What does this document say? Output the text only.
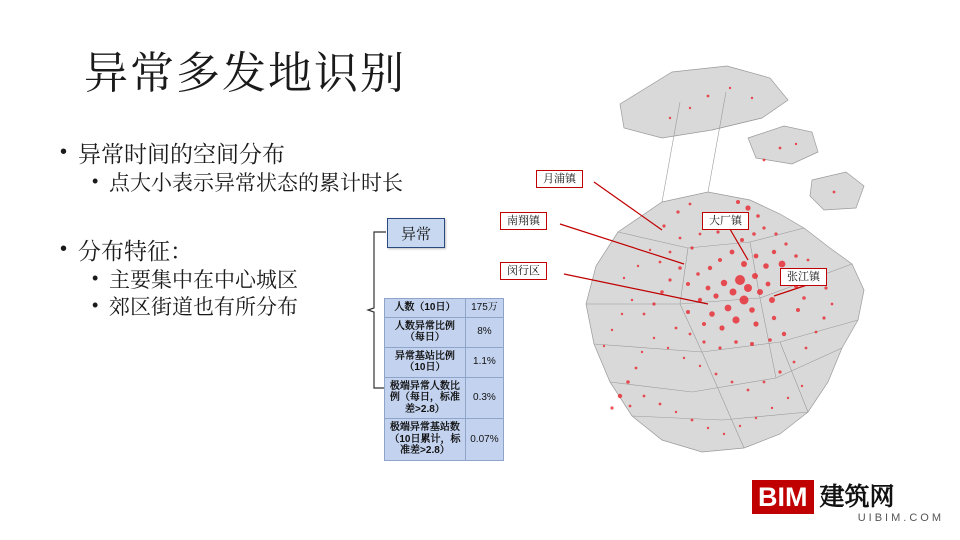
异常多发地识别
• 异常时间的空间分布
• 点大小表示异常状态的累计时长
• 分布特征：
• 主要集中在中心城区
• 郊区街道也有所分布
异常
人数（10日）	175万
人数异常比例（每日）	8%
异常基站比例（10日）	1.1%
极端异常人数比例（每日，标准差>2.8）	0.3%
极端异常基站数（10日累计，标准差>2.8）	0.07%
月浦镇
南翔镇	大厂镇
闵行区	张江镇
BIM 建筑网
UIBIM.COM
